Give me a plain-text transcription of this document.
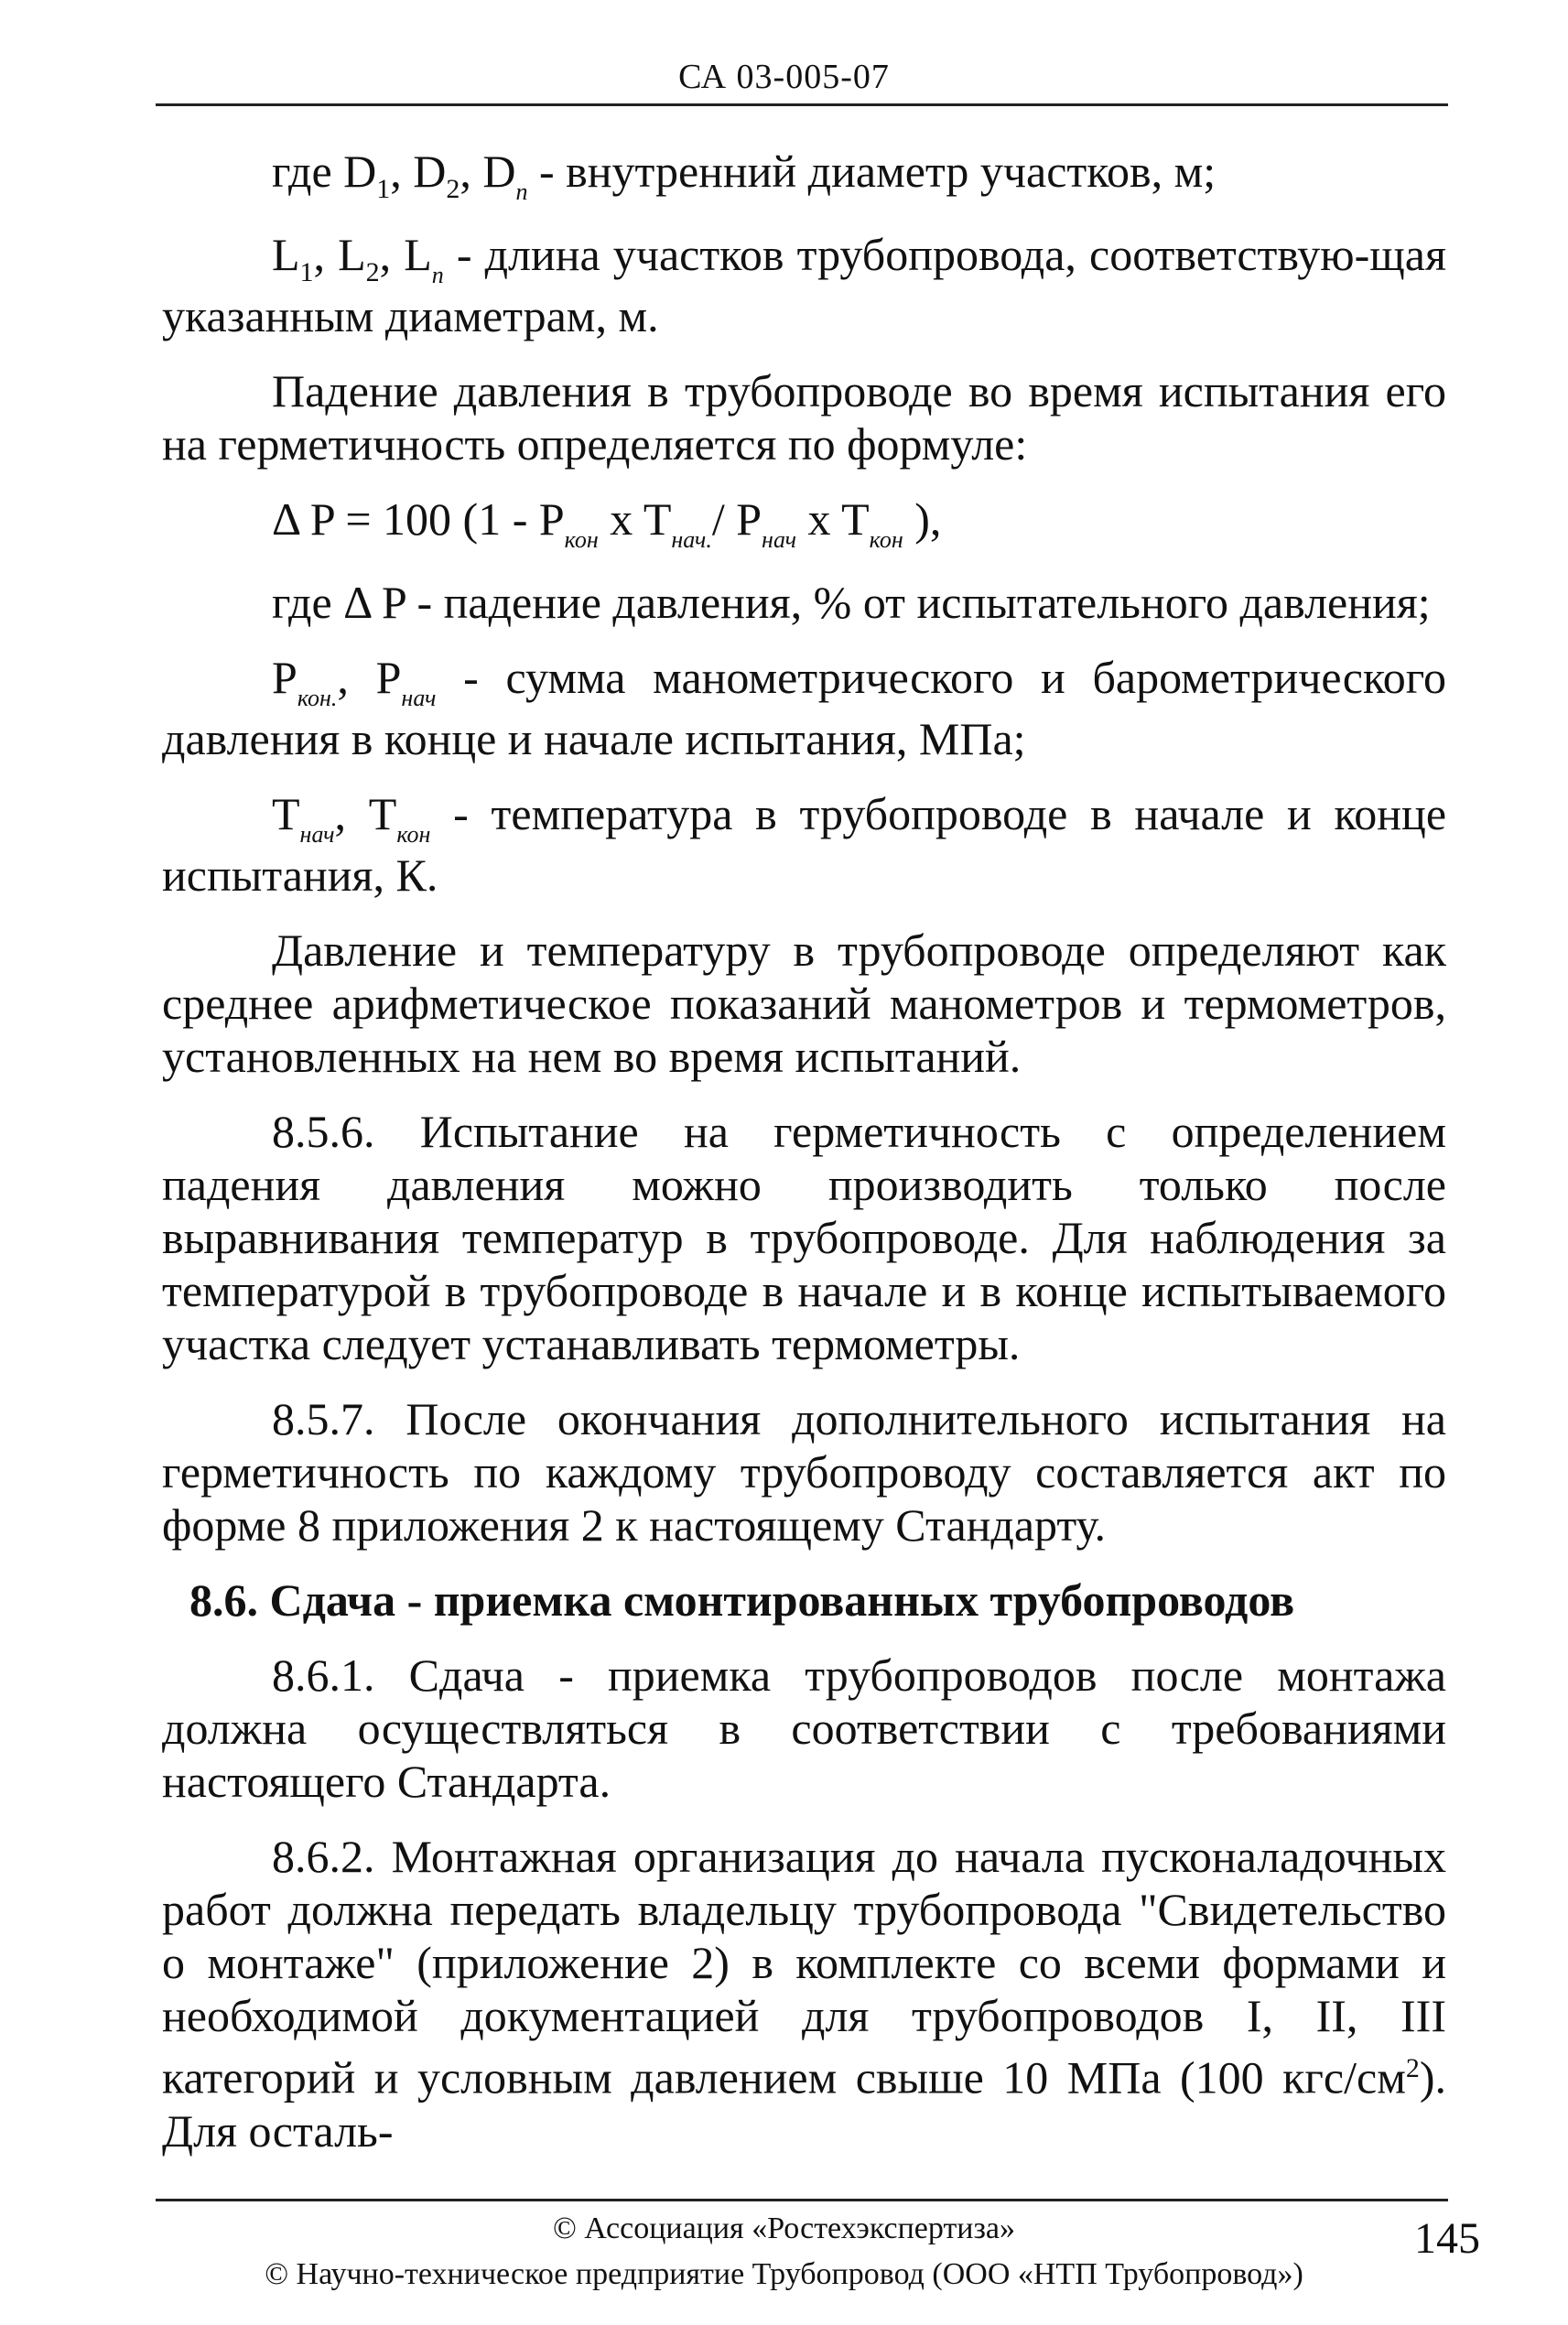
СА 03-005-07

где $D_1$, $D_2$, $D_n$ - внутренний диаметр участков, м;

$L_1$, $L_2$, $L_n$ - длина участков трубопровода, соответствую-щая указанным диаметрам, м.

Падение давления в трубопроводе во время испытания его на герметичность определяется по формуле:

Δ P = 100 ($1 - P_{кон}$ x $T_{нач.}/$ $P_{нач}$ x $T_{кон}$ ),

где Δ P - падение давления, % от испытательного давления;

$P_{кон.}$, $P_{нач}$ - сумма манометрического и барометрического давления в конце и начале испытания, МПа;

$T_{нач}$, $T_{кон}$ - температура в трубопроводе в начале и конце испытания, К.

Давление и температуру в трубопроводе определяют как среднее арифметическое показаний манометров и термометров, установленных на нем во время испытаний.

8.5.6. Испытание на герметичность с определением падения давления можно производить только после выравнивания температур в трубопроводе. Для наблюдения за температурой в трубопроводе в начале и в конце испытываемого участка следует устанавливать термометры.

8.5.7. После окончания дополнительного испытания на герметичность по каждому трубопроводу составляется акт по форме 8 приложения 2 к настоящему Стандарту.

8.6. Сдача - приемка смонтированных трубопроводов

8.6.1. Сдача - приемка трубопроводов после монтажа должна осуществляться в соответствии с требованиями настоящего Стандарта.

8.6.2. Монтажная организация до начала пусконаладочных работ должна передать владельцу трубопровода "Свидетельство о монтаже" (приложение 2) в комплекте со всеми формами и необходимой документацией для трубопроводов I, II, III категорий и условным давлением свыше 10 МПа (100 кгс/$см^2$). Для осталь-

© Ассоциация «Ростехэкспертиза»
© Научно-техническое предприятие Трубопровод (ООО «НТП Трубопровод»)
145
